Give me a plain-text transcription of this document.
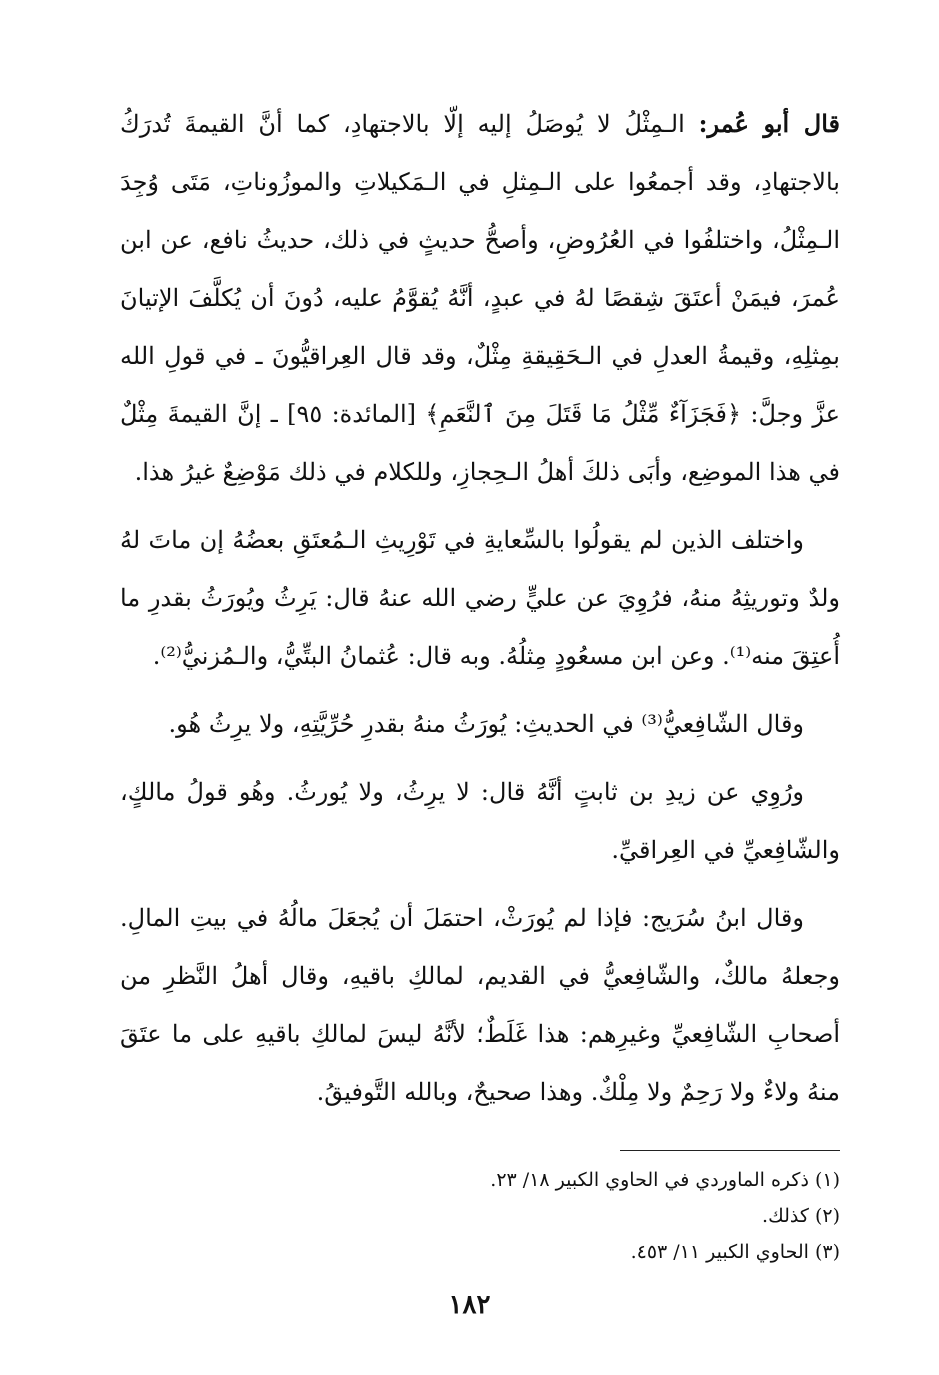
قال أبو عُمر: الـمِثْلُ لا يُوصَلُ إليه إلّا بالاجتهادِ، كما أنَّ القيمةَ تُدرَكُ بالاجتهادِ، وقد أجمعُوا على الـمِثلِ في الـمَكيلاتِ والموزُوناتِ، مَتَى وُجِدَ الـمِثْلُ، واختلفُوا في العُرُوضِ، وأصحُّ حديثٍ في ذلك، حديثُ نافع، عن ابن عُمرَ، فيمَنْ أعتَقَ شِقصًا لهُ في عبدٍ، أنَّهُ يُقوَّمُ عليه، دُونَ أن يُكلَّفَ الإتيانَ بمِثلِهِ، وقيمةُ العدلِ في الـحَقِيقةِ مِثْلٌ، وقد قال العِراقيُّونَ ـ في قولِ الله عزَّ وجلَّ: ﴿فَجَزَآءٌ مِّثْلُ مَا قَتَلَ مِنَ ٱلنَّعَمِ﴾ [المائدة: ٩٥] ـ إنَّ القيمةَ مِثْلٌ في هذا الموضِع، وأبَى ذلكَ أهلُ الـحِجازِ، وللكلام في ذلك مَوْضِعٌ غيرُ هذا.

واختلف الذين لم يقولُوا بالسِّعايةِ في تَوْرِيثِ الـمُعتَقِ بعضُهُ إن ماتَ لهُ ولدٌ وتوريثِهُ منهُ، فرُوِيَ عن عليٍّ رضي الله عنهُ قال: يَرِثُ ويُورَثُ بقدرِ ما أُعتِقَ منه⁽¹⁾. وعن ابن مسعُودٍ مِثلُهُ. وبه قال: عُثمانُ البتِّيُّ، والـمُزنيُّ⁽²⁾.

وقال الشّافِعيُّ⁽³⁾ في الحديثِ: يُورَثُ منهُ بقدرِ حُرِّيَّتِهِ، ولا يرِثُ هُو.

ورُوِي عن زيدِ بن ثابتٍ أنَّهُ قال: لا يرِثُ، ولا يُورثُ. وهُو قولُ مالكٍ، والشّافِعيِّ في العِراقيِّ.

وقال ابنُ سُرَيج: فإذا لم يُورَثْ، احتمَلَ أن يُجعَلَ مالُهُ في بيتِ المالِ. وجعلهُ مالكٌ، والشّافِعيُّ في القديم، لمالكِ باقيهِ، وقال أهلُ النَّظرِ من أصحابِ الشّافِعيِّ وغيرِهم: هذا غَلَطٌ؛ لأنَّهُ ليسَ لمالكِ باقيهِ على ما عتَقَ منهُ ولاءٌ ولا رَحِمٌ ولا مِلْكٌ. وهذا صحيحٌ، وبالله التَّوفيقُ.

(١) ذكره الماوردي في الحاوي الكبير ١٨/ ٢٣.

(٢) كذلك.

(٣) الحاوي الكبير ١١/ ٤٥٣.

١٨٢
